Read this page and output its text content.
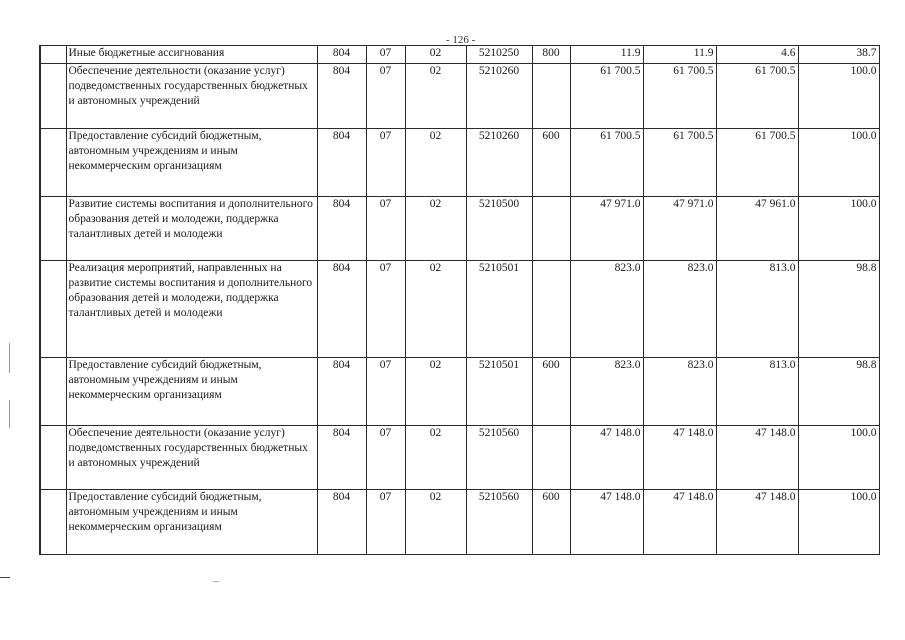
- 126 -
	Иные бюджетные ассигнования	804	07	02	5210250	800	11.9	11.9	4.6	38.7
	Обеспечение деятельности (оказание услуг) подведомственных государственных бюджетных и автономных учреждений	804	07	02	5210260		61 700.5	61 700.5	61 700.5	100.0
	Предоставление субсидий бюджетным, автономным учреждениям и иным некоммерческим организациям	804	07	02	5210260	600	61 700.5	61 700.5	61 700.5	100.0
	Развитие системы воспитания и дополнительного образования детей и молодежи, поддержка талантливых детей и молодежи	804	07	02	5210500		47 971.0	47 971.0	47 961.0	100.0
	Реализация мероприятий, направленных на развитие системы воспитания и дополнительного образования детей и молодежи, поддержка талантливых детей и молодежи	804	07	02	5210501		823.0	823.0	813.0	98.8
	Предоставление субсидий бюджетным, автономным учреждениям и иным некоммерческим организациям	804	07	02	5210501	600	823.0	823.0	813.0	98.8
	Обеспечение деятельности (оказание услуг) подведомственных государственных бюджетных и автономных учреждений	804	07	02	5210560		47 148.0	47 148.0	47 148.0	100.0
	Предоставление субсидий бюджетным, автономным учреждениям и иным некоммерческим организациям	804	07	02	5210560	600	47 148.0	47 148.0	47 148.0	100.0
